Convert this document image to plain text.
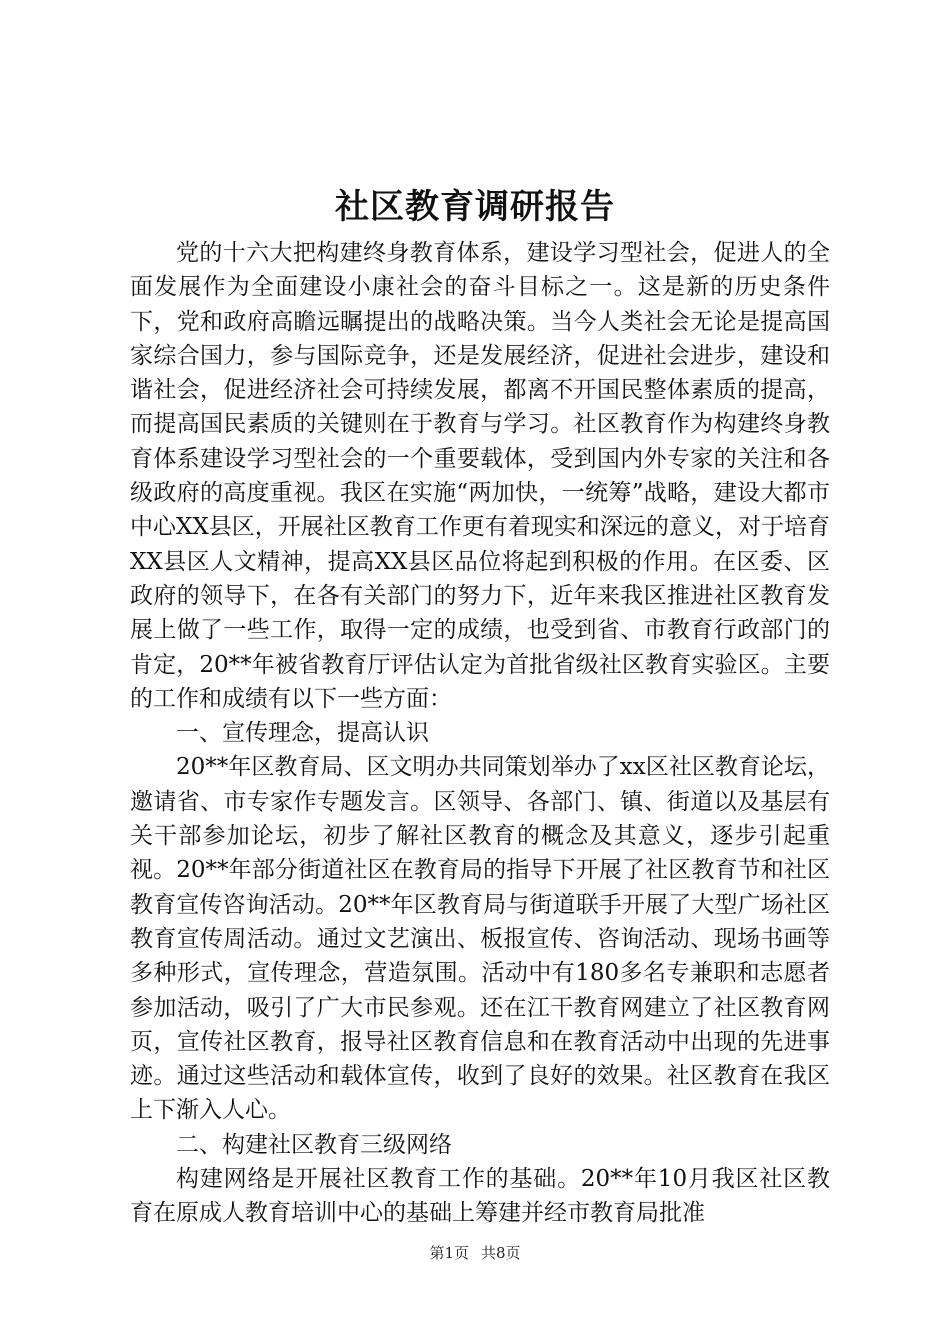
社区教育调研报告

党的十六大把构建终身教育体系，建设学习型社会，促进人的全面发展作为全面建设小康社会的奋斗目标之一。这是新的历史条件下，党和政府高瞻远瞩提出的战略决策。当今人类社会无论是提高国家综合国力，参与国际竞争，还是发展经济，促进社会进步，建设和谐社会，促进经济社会可持续发展，都离不开国民整体素质的提高，而提高国民素质的关键则在于教育与学习。社区教育作为构建终身教育体系建设学习型社会的一个重要载体，受到国内外专家的关注和各级政府的高度重视。我区在实施“两加快，一统筹”战略，建设大都市中心XX县区，开展社区教育工作更有着现实和深远的意义，对于培育XX县区人文精神，提高XX县区品位将起到积极的作用。在区委、区政府的领导下，在各有关部门的努力下，近年来我区推进社区教育发展上做了一些工作，取得一定的成绩，也受到省、市教育行政部门的肯定，20**年被省教育厅评估认定为首批省级社区教育实验区。主要的工作和成绩有以下一些方面：

一、宣传理念，提高认识

20**年区教育局、区文明办共同策划举办了xx区社区教育论坛，邀请省、市专家作专题发言。区领导、各部门、镇、街道以及基层有关干部参加论坛，初步了解社区教育的概念及其意义，逐步引起重视。20**年部分街道社区在教育局的指导下开展了社区教育节和社区教育宣传咨询活动。20**年区教育局与街道联手开展了大型广场社区教育宣传周活动。通过文艺演出、板报宣传、咨询活动、现场书画等多种形式，宣传理念，营造氛围。活动中有180多名专兼职和志愿者参加活动，吸引了广大市民参观。还在江干教育网建立了社区教育网页，宣传社区教育，报导社区教育信息和在教育活动中出现的先进事迹。通过这些活动和载体宣传，收到了良好的效果。社区教育在我区上下渐入人心。

二、构建社区教育三级网络

构建网络是开展社区教育工作的基础。20**年10月我区社区教育在原成人教育培训中心的基础上筹建并经市教育局批准

第1页 共8页
